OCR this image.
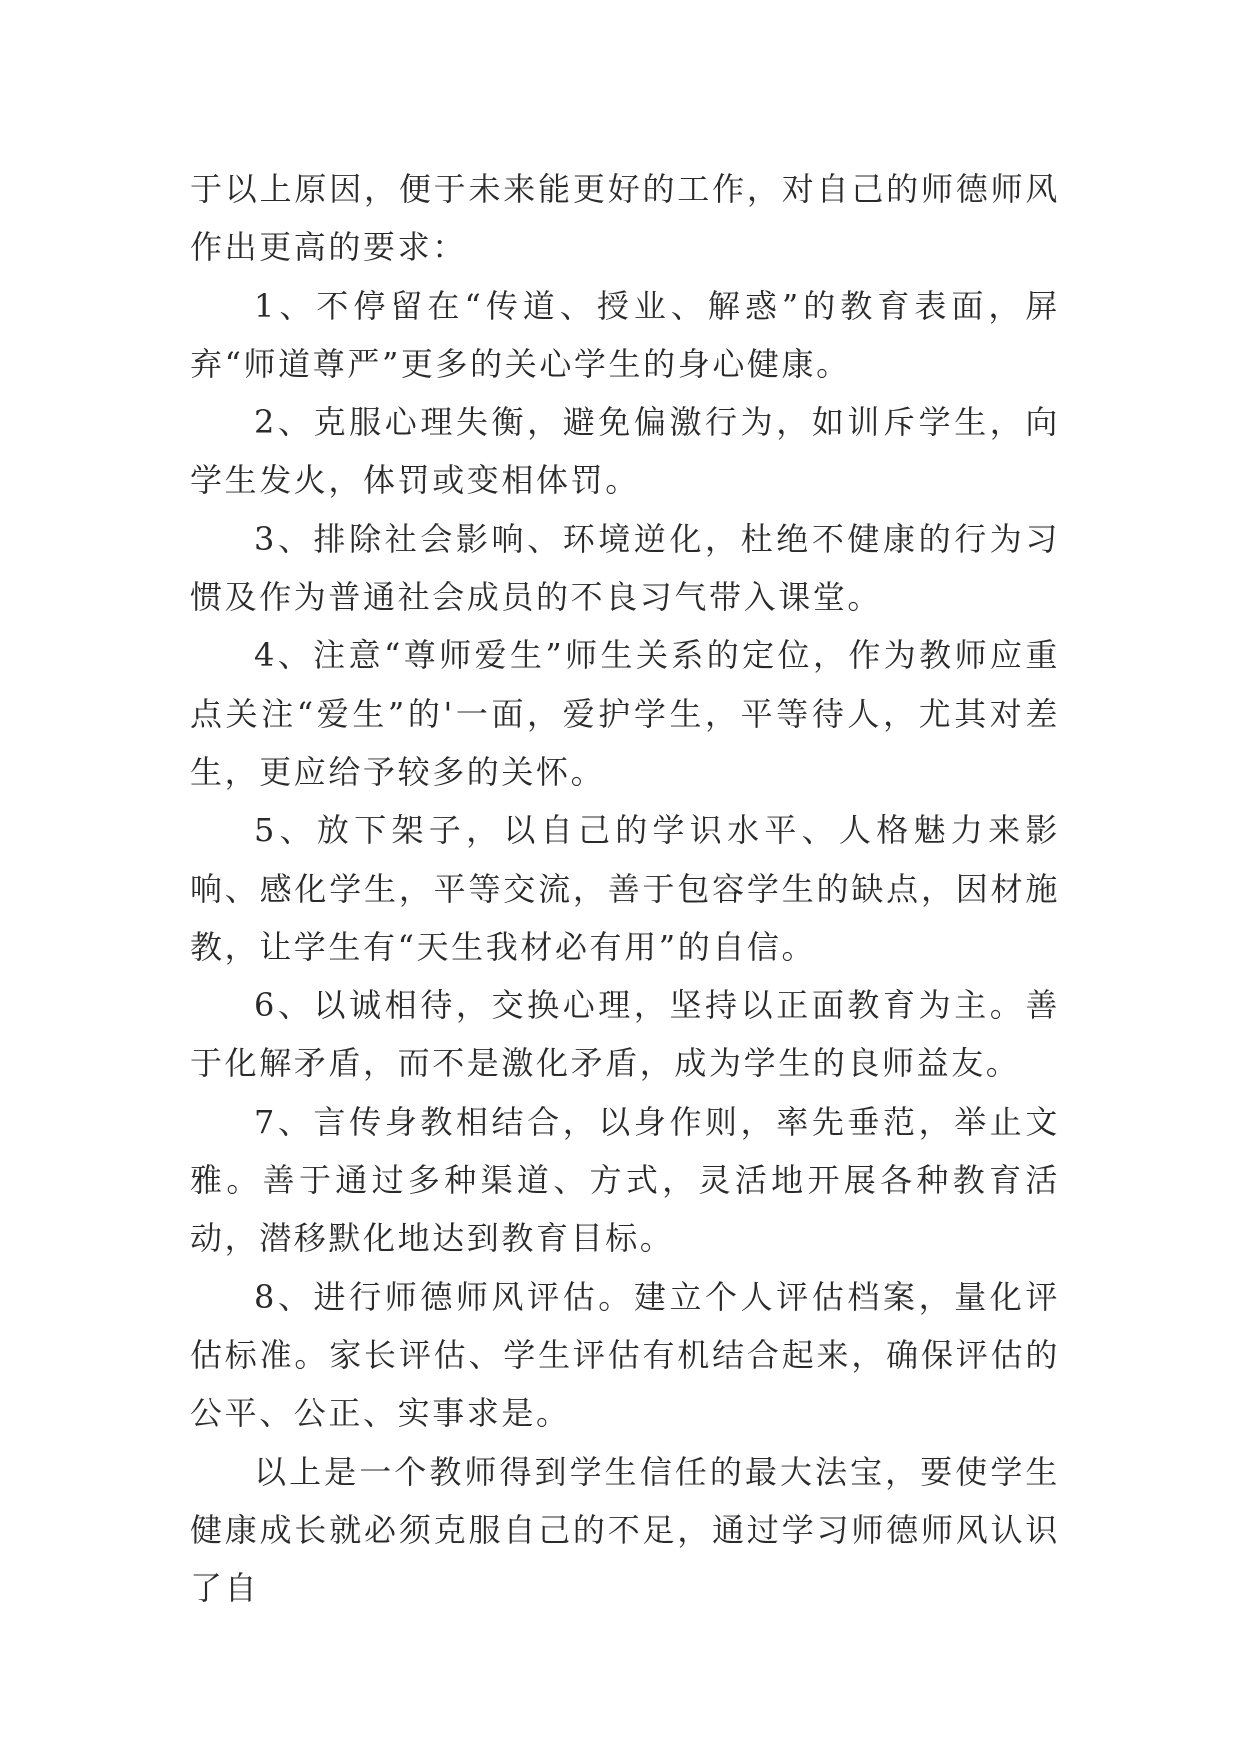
于以上原因，便于未来能更好的工作，对自己的师德师风作出更高的要求：

1、不停留在“传道、授业、解惑”的教育表面，屏弃“师道尊严”更多的关心学生的身心健康。

2、克服心理失衡，避免偏激行为，如训斥学生，向学生发火，体罚或变相体罚。

3、排除社会影响、环境逆化，杜绝不健康的行为习惯及作为普通社会成员的不良习气带入课堂。

4、注意“尊师爱生”师生关系的定位，作为教师应重点关注“爱生”的'一面，爱护学生，平等待人，尤其对差生，更应给予较多的关怀。

5、放下架子，以自己的学识水平、人格魅力来影响、感化学生，平等交流，善于包容学生的缺点，因材施教，让学生有“天生我材必有用”的自信。

6、以诚相待，交换心理，坚持以正面教育为主。善于化解矛盾，而不是激化矛盾，成为学生的良师益友。

7、言传身教相结合，以身作则，率先垂范，举止文雅。善于通过多种渠道、方式，灵活地开展各种教育活动，潜移默化地达到教育目标。

8、进行师德师风评估。建立个人评估档案，量化评估标准。家长评估、学生评估有机结合起来，确保评估的公平、公正、实事求是。

以上是一个教师得到学生信任的最大法宝，要使学生健康成长就必须克服自己的不足，通过学习师德师风认识了自
